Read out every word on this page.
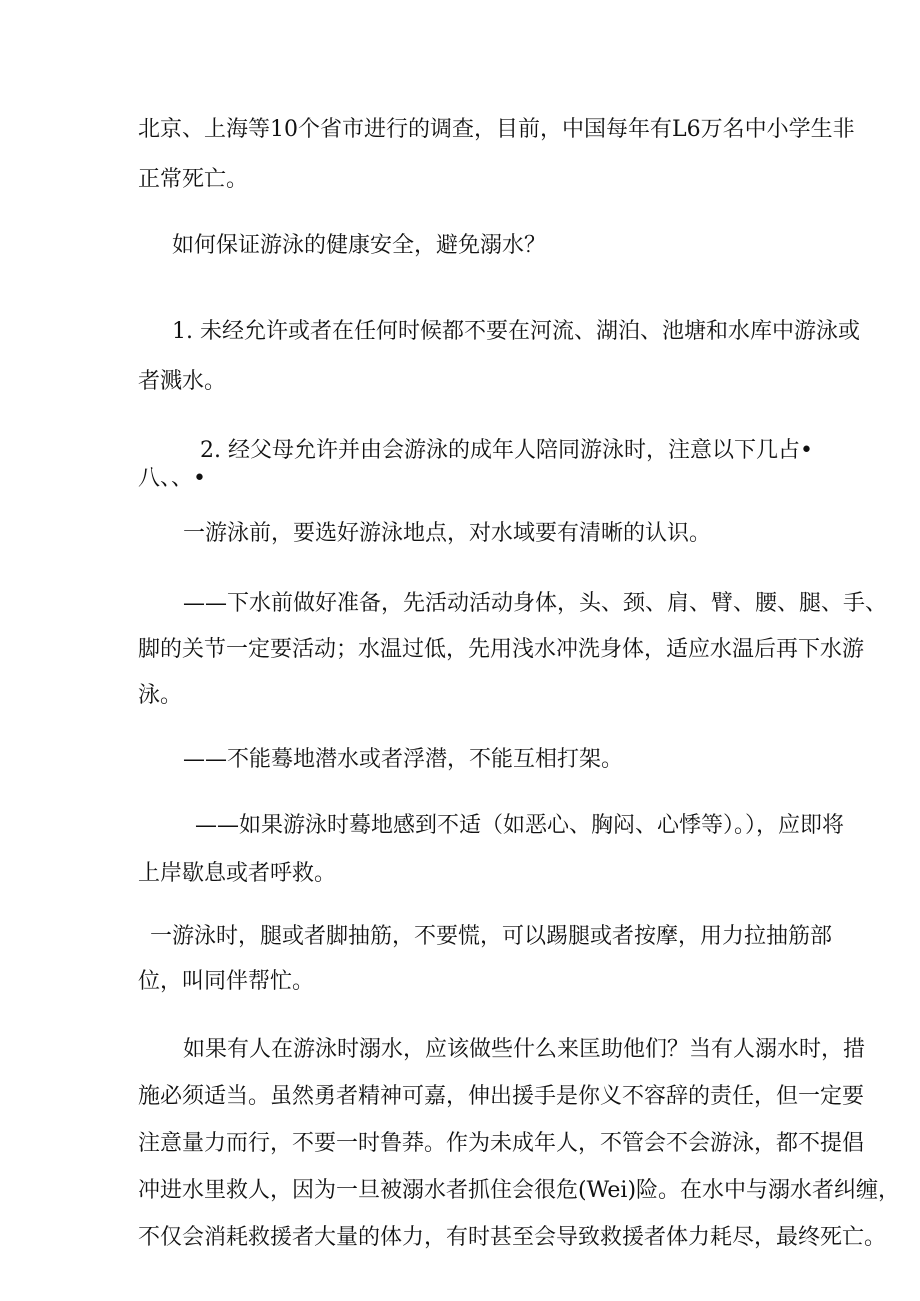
北京、上海等10个省市进行的调查，目前，中国每年有L6万名中小学生非
正常死亡。
如何保证游泳的健康安全，避免溺水？
1. 未经允许或者在任何时候都不要在河流、湖泊、池塘和水库中游泳或
者溅水。
2. 经父母允许并由会游泳的成年人陪同游泳时，注意以下几占•
八、、•
一游泳前，要选好游泳地点，对水域要有清晰的认识。
——下水前做好准备，先活动活动身体，头、颈、肩、臂、腰、腿、手、
脚的关节一定要活动；水温过低，先用浅水冲洗身体，适应水温后再下水游
泳。
——不能蓦地潜水或者浮潜，不能互相打架。
——如果游泳时蓦地感到不适（如恶心、胸闷、心悸等）。），应即将
上岸歇息或者呼救。
一游泳时，腿或者脚抽筋，不要慌，可以踢腿或者按摩，用力拉抽筋部
位，叫同伴帮忙。
如果有人在游泳时溺水，应该做些什么来匡助他们？当有人溺水时，措
施必须适当。虽然勇者精神可嘉，伸出援手是你义不容辞的责任，但一定要
注意量力而行，不要一时鲁莽。作为未成年人，不管会不会游泳，都不提倡
冲进水里救人，因为一旦被溺水者抓住会很危(Wei)险。在水中与溺水者纠缠，
不仅会消耗救援者大量的体力，有时甚至会导致救援者体力耗尽，最终死亡。
